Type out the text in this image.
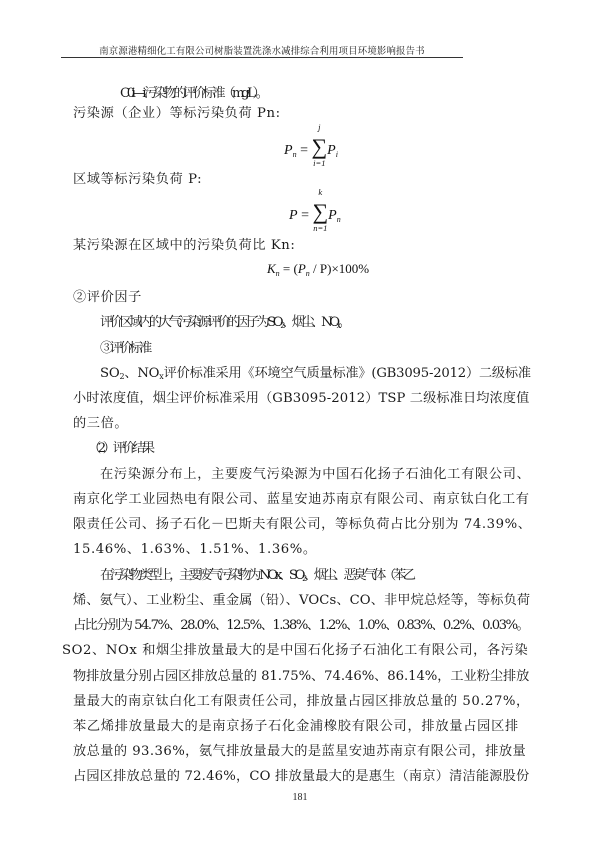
南京源港精细化工有限公司树脂装置洗涤水减排综合利用项目环境影响报告书
C0i—i 污染物的评价标准（mg/L）。
污染源（企业）等标污染负荷 Pn:
$P_n$ = ∑
j
i=1
$P_i$
区域等标污染负荷 P:
P = ∑
k
n=1
$P_n$
某污染源在区域中的污染负荷比 Kn:
$K_n = (P_n / P)\times 100\%$
②评价因子
评价区域内的大气污染源评价的因子为 $SO_2$、烟尘、$NO_x$。
③评价标准
$SO_2$、$NO_x$评价标准采用《环境空气质量标准》(GB3095-2012）二级标准
小时浓度值，烟尘评价标准采用（GB3095-2012）TSP 二级标准日均浓度值
的三倍。
（2）评价结果
在污染源分布上，主要废气污染源为中国石化扬子石油化工有限公司、
南京化学工业园热电有限公司、蓝星安迪苏南京有限公司、南京钛白化工有
限责任公司、扬子石化－巴斯夫有限公司，等标负荷占比分别为 74.39%、
15.46%、1.63%、1.51%、1.36%。
在污染物类型上，主要废气污染物为 NOx、$SO_2$、烟尘、恶臭气体（苯乙
烯、氨气）、工业粉尘、重金属（铅）、VOCs、CO、非甲烷总烃等，等标负荷
占比分别为 54.7%、28.0%、12.5%、1.38%、1.2%、1.0%、0.83%、0.2%、0.03%。
SO2、NOx 和烟尘排放量最大的是中国石化扬子石油化工有限公司，各污染
物排放量分别占园区排放总量的 81.75%、74.46%、86.14%，工业粉尘排放
量最大的南京钛白化工有限责任公司，排放量占园区排放总量的 50.27%，
苯乙烯排放量最大的是南京扬子石化金浦橡胶有限公司，排放量占园区排
放总量的 93.36%，氨气排放量最大的是蓝星安迪苏南京有限公司，排放量
占园区排放总量的 72.46%，CO 排放量最大的是惠生（南京）清洁能源股份
181
